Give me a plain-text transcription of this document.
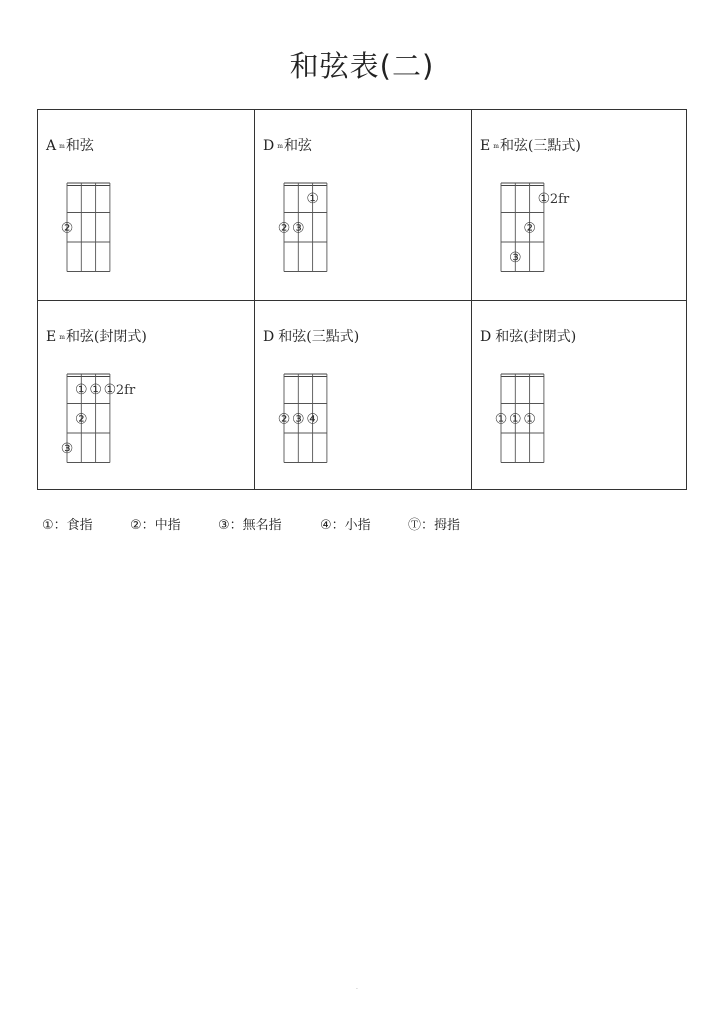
和弦表(二)
Am和弦
②
Dm和弦
② ③
①
Em和弦(三點式)
③
②
① 2fr
Em和弦(封閉式)
③
①
②
① ① 2fr
D 和弦(三點式)
② ③ ④
D 和弦(封閉式)
① ① ①
①：食指	②：中指	③：無名指	④：小指	Ⓣ：拇指
.
